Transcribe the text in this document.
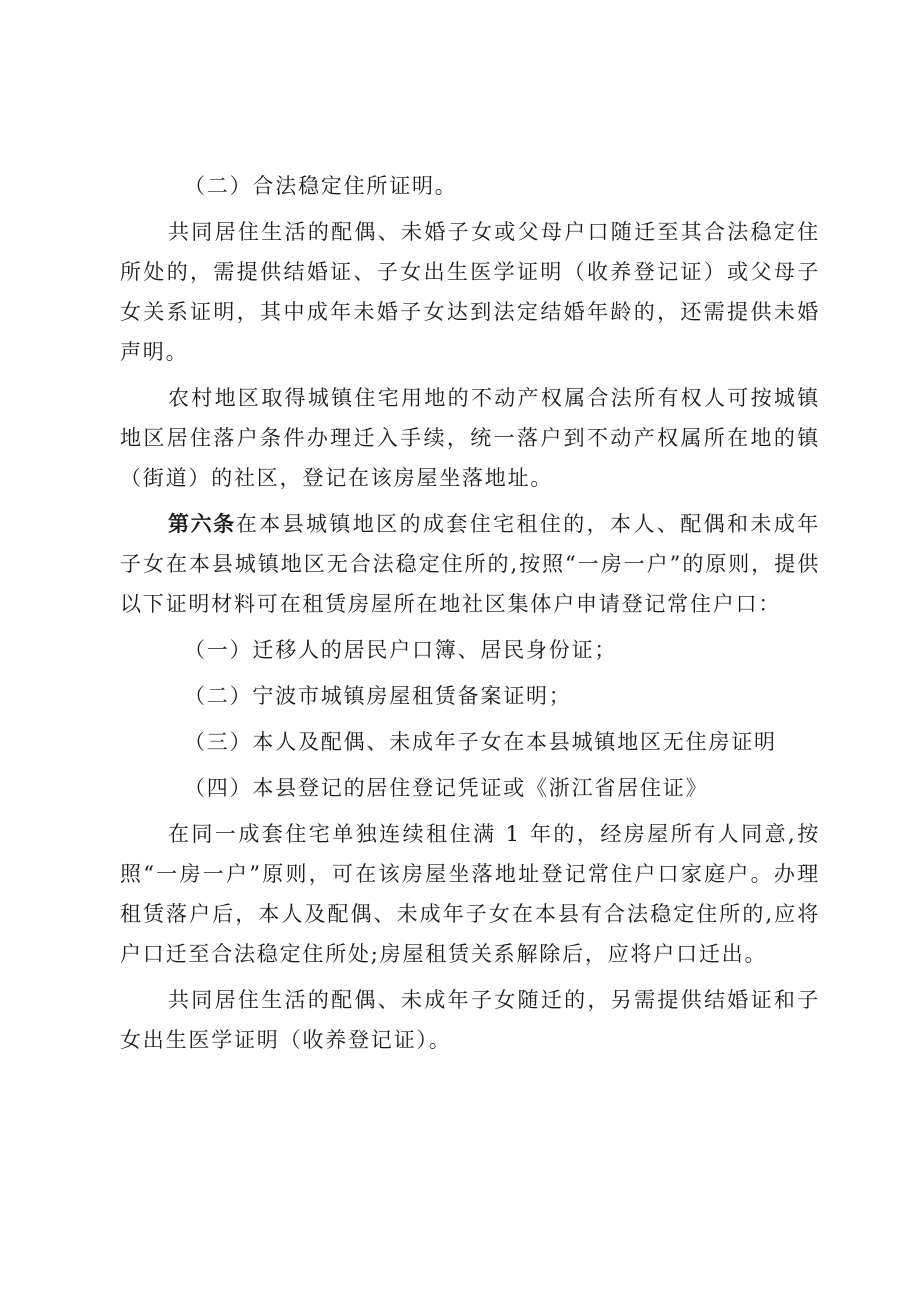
（二）合法稳定住所证明。

共同居住生活的配偶、未婚子女或父母户口随迁至其合法稳定住所处的，需提供结婚证、子女出生医学证明（收养登记证）或父母子女关系证明，其中成年未婚子女达到法定结婚年龄的，还需提供未婚声明。

农村地区取得城镇住宅用地的不动产权属合法所有权人可按城镇地区居住落户条件办理迁入手续，统一落户到不动产权属所在地的镇（街道）的社区，登记在该房屋坐落地址。

第六条在本县城镇地区的成套住宅租住的，本人、配偶和未成年子女在本县城镇地区无合法稳定住所的,按照“一房一户”的原则，提供以下证明材料可在租赁房屋所在地社区集体户申请登记常住户口：

（一）迁移人的居民户口簿、居民身份证；

（二）宁波市城镇房屋租赁备案证明；

（三）本人及配偶、未成年子女在本县城镇地区无住房证明

（四）本县登记的居住登记凭证或《浙江省居住证》

在同一成套住宅单独连续租住满 1 年的，经房屋所有人同意,按照“一房一户”原则，可在该房屋坐落地址登记常住户口家庭户。办理租赁落户后，本人及配偶、未成年子女在本县有合法稳定住所的,应将户口迁至合法稳定住所处;房屋租赁关系解除后，应将户口迁出。

共同居住生活的配偶、未成年子女随迁的，另需提供结婚证和子女出生医学证明（收养登记证）。
